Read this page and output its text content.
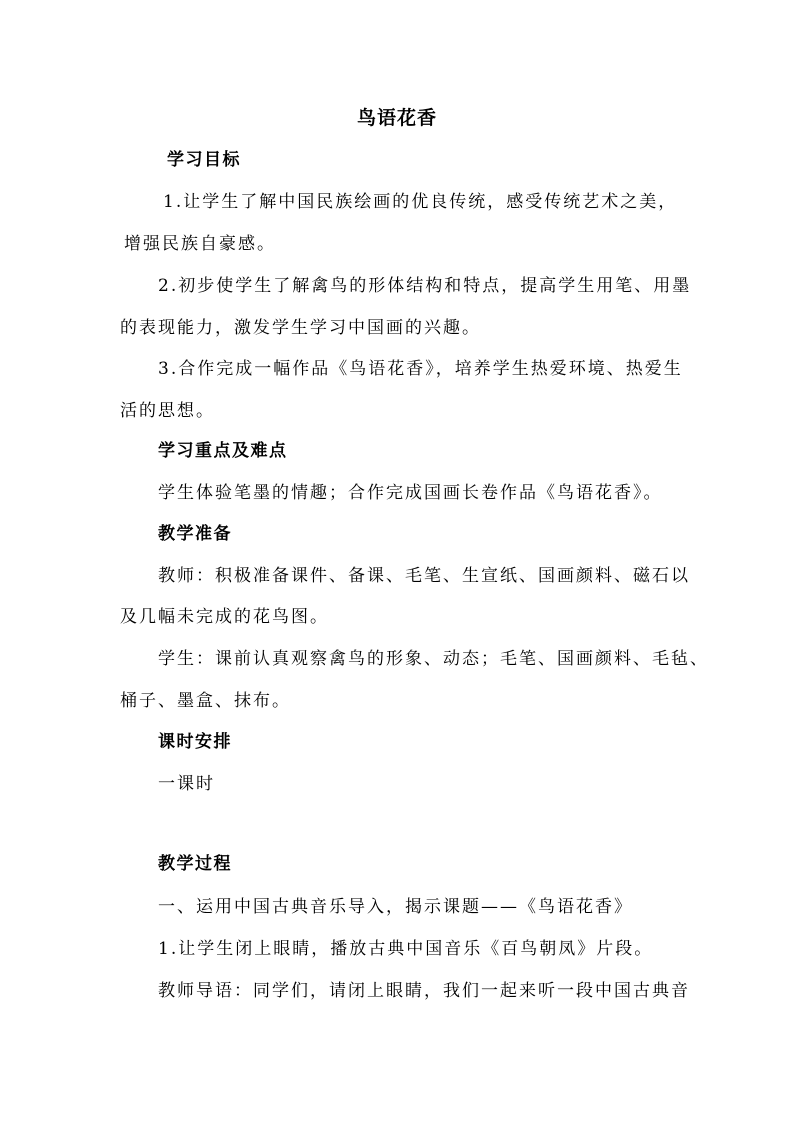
鸟语花香
学习目标
1.让学生了解中国民族绘画的优良传统，感受传统艺术之美，
增强民族自豪感。
2.初步使学生了解禽鸟的形体结构和特点，提高学生用笔、用墨
的表现能力，激发学生学习中国画的兴趣。
3.合作完成一幅作品《鸟语花香》，培养学生热爱环境、热爱生
活的思想。
学习重点及难点
学生体验笔墨的情趣；合作完成国画长卷作品《鸟语花香》。
教学准备
教师：积极准备课件、备课、毛笔、生宣纸、国画颜料、磁石以
及几幅未完成的花鸟图。
学生：课前认真观察禽鸟的形象、动态；毛笔、国画颜料、毛毡、
桶子、墨盒、抹布。
课时安排
一课时
教学过程
一、运用中国古典音乐导入，揭示课题——《鸟语花香》
1.让学生闭上眼睛，播放古典中国音乐《百鸟朝凤》片段。
教师导语：同学们，请闭上眼睛，我们一起来听一段中国古典音
